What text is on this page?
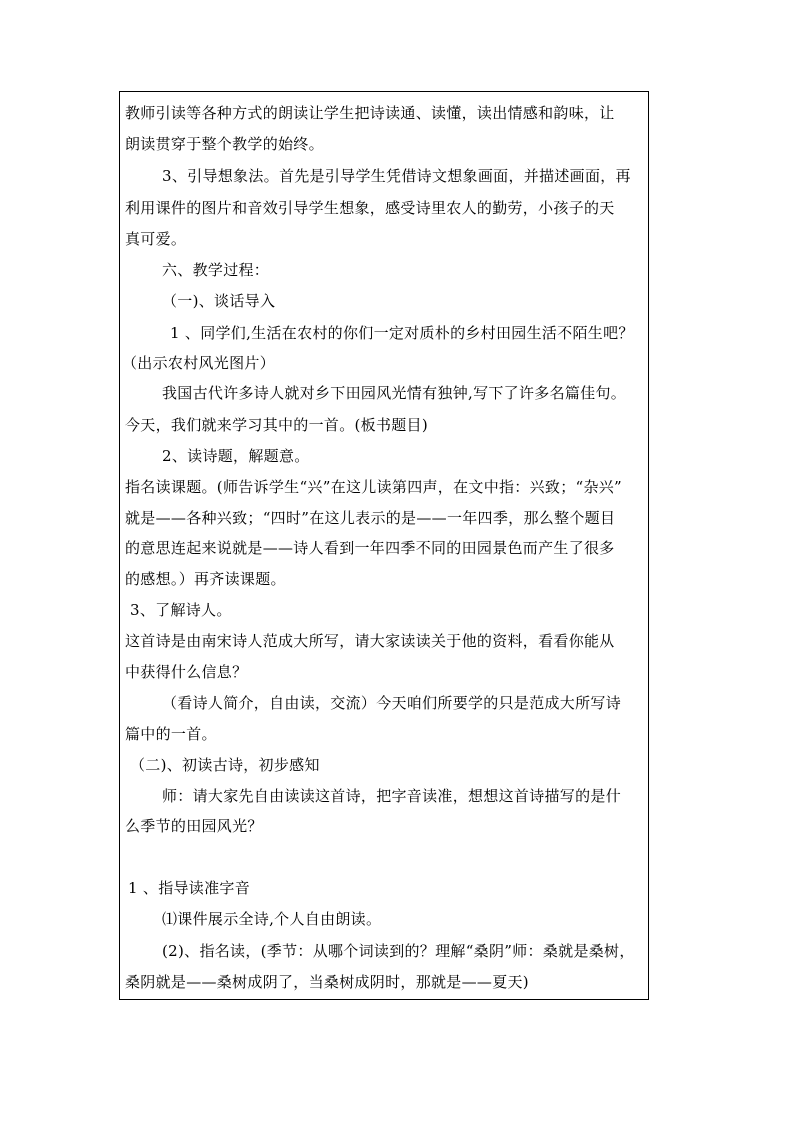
教师引读等各种方式的朗读让学生把诗读通、读懂，读出情感和韵味，让
朗读贯穿于整个教学的始终。
3、引导想象法。首先是引导学生凭借诗文想象画面，并描述画面，再
利用课件的图片和音效引导学生想象，感受诗里农人的勤劳，小孩子的天
真可爱。
六、教学过程：
（一)、谈话导入
1 、同学们,生活在农村的你们一定对质朴的乡村田园生活不陌生吧？
（出示农村风光图片）
我国古代许多诗人就对乡下田园风光情有独钟,写下了许多名篇佳句。
今天，我们就来学习其中的一首。(板书题目)
2、读诗题，解题意。
指名读课题。(师告诉学生“兴”在这儿读第四声，在文中指：兴致；“杂兴”
就是——各种兴致；“四时”在这儿表示的是——一年四季，那么整个题目
的意思连起来说就是——诗人看到一年四季不同的田园景色而产生了很多
的感想。）再齐读课题。
3、了解诗人。
这首诗是由南宋诗人范成大所写，请大家读读关于他的资料，看看你能从
中获得什么信息？
（看诗人简介，自由读，交流）今天咱们所要学的只是范成大所写诗
篇中的一首。
（二)、初读古诗，初步感知
师：请大家先自由读读这首诗，把字音读准，想想这首诗描写的是什
么季节的田园风光？
1 、指导读准字音
⑴课件展示全诗,个人自由朗读。
(2)、指名读，(季节：从哪个词读到的？理解“桑阴”师：桑就是桑树，
桑阴就是——桑树成阴了，当桑树成阴时，那就是——夏天)
